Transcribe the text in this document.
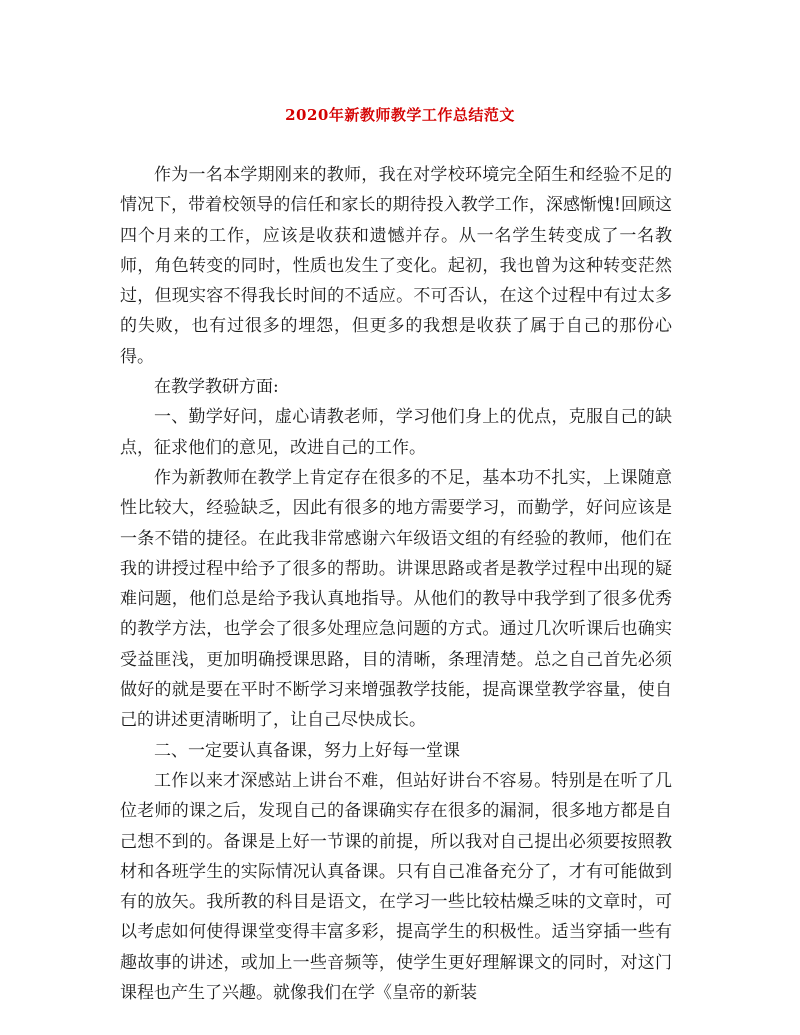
2020年新教师教学工作总结范文

作为一名本学期刚来的教师，我在对学校环境完全陌生和经验不足的情况下，带着校领导的信任和家长的期待投入教学工作，深感惭愧!回顾这四个月来的工作，应该是收获和遗憾并存。从一名学生转变成了一名教师，角色转变的同时，性质也发生了变化。起初，我也曾为这种转变茫然过，但现实容不得我长时间的不适应。不可否认，在这个过程中有过太多的失败，也有过很多的埋怨，但更多的我想是收获了属于自己的那份心得。

在教学教研方面:

一、勤学好问，虚心请教老师，学习他们身上的优点，克服自己的缺点，征求他们的意见，改进自己的工作。

作为新教师在教学上肯定存在很多的不足，基本功不扎实，上课随意性比较大，经验缺乏，因此有很多的地方需要学习，而勤学，好问应该是一条不错的捷径。在此我非常感谢六年级语文组的有经验的教师，他们在我的讲授过程中给予了很多的帮助。讲课思路或者是教学过程中出现的疑难问题，他们总是给予我认真地指导。从他们的教导中我学到了很多优秀的教学方法，也学会了很多处理应急问题的方式。通过几次听课后也确实受益匪浅，更加明确授课思路，目的清晰，条理清楚。总之自己首先必须做好的就是要在平时不断学习来增强教学技能，提高课堂教学容量，使自己的讲述更清晰明了，让自己尽快成长。

二、一定要认真备课，努力上好每一堂课

工作以来才深感站上讲台不难，但站好讲台不容易。特别是在听了几位老师的课之后，发现自己的备课确实存在很多的漏洞，很多地方都是自己想不到的。备课是上好一节课的前提，所以我对自己提出必须要按照教材和各班学生的实际情况认真备课。只有自己准备充分了，才有可能做到有的放矢。我所教的科目是语文，在学习一些比较枯燥乏味的文章时，可以考虑如何使得课堂变得丰富多彩，提高学生的积极性。适当穿插一些有趣故事的讲述，或加上一些音频等，使学生更好理解课文的同时，对这门课程也产生了兴趣。就像我们在学《皇帝的新装
